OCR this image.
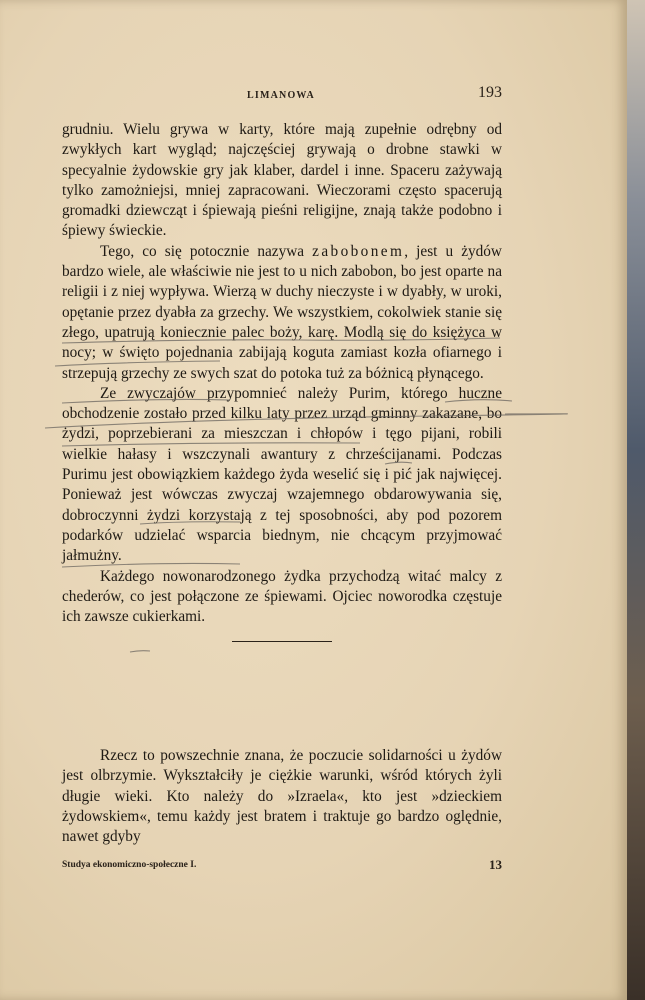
LIMANOWA	193

grudniu. Wielu grywa w karty, które mają zupełnie odrębny od zwykłych kart wygląd; najczęściej grywają o drobne stawki w specyalnie żydowskie gry jak klaber, dardel i inne. Spaceru zażywają tylko zamożniejsi, mniej zapracowani. Wieczorami często spacerują gromadki dziewcząt i śpiewają pieśni religijne, znają także podobno i śpiewy świeckie.

Tego, co się potocznie nazywa zabobonem, jest u żydów bardzo wiele, ale właściwie nie jest to u nich zabobon, bo jest oparte na religii i z niej wypływa. Wierzą w duchy nieczyste i w dyabły, w uroki, opętanie przez dyabła za grzechy. We wszystkiem, cokolwiek stanie się złego, upatrują koniecznie palec boży, karę. Modlą się do księżyca w nocy; w święto pojednania zabijają koguta zamiast kozła ofiarnego i strzepują grzechy ze swych szat do potoka tuż za bóżnicą płynącego.

Ze zwyczajów przypomnieć należy Purim, którego huczne obchodzenie zostało przed kilku laty przez urząd gminny zakazane, bo żydzi, poprzebierani za mieszczan i chłopów i tęgo pijani, robili wielkie hałasy i wszczynali awantury z chrześcijanami. Podczas Purimu jest obowiązkiem każdego żyda weselić się i pić jak najwięcej. Ponieważ jest wówczas zwyczaj wzajemnego obdarowywania się, dobroczynni żydzi korzystają z tej sposobności, aby pod pozorem podarków udzielać wsparcia biednym, nie chcącym przyjmować jałmużny.

Każdego nowonarodzonego żydka przychodzą witać malcy z chederów, co jest połączone ze śpiewami. Ojciec noworodka częstuje ich zawsze cukierkami.

Rzecz to powszechnie znana, że poczucie solidarności u żydów jest olbrzymie. Wykształciły je ciężkie warunki, wśród których żyli długie wieki. Kto należy do »Izraela«, kto jest »dzieckiem żydowskiem«, temu każdy jest bratem i traktuje go bardzo oględnie, nawet gdyby

Studya ekonomiczno-społeczne I.	13
